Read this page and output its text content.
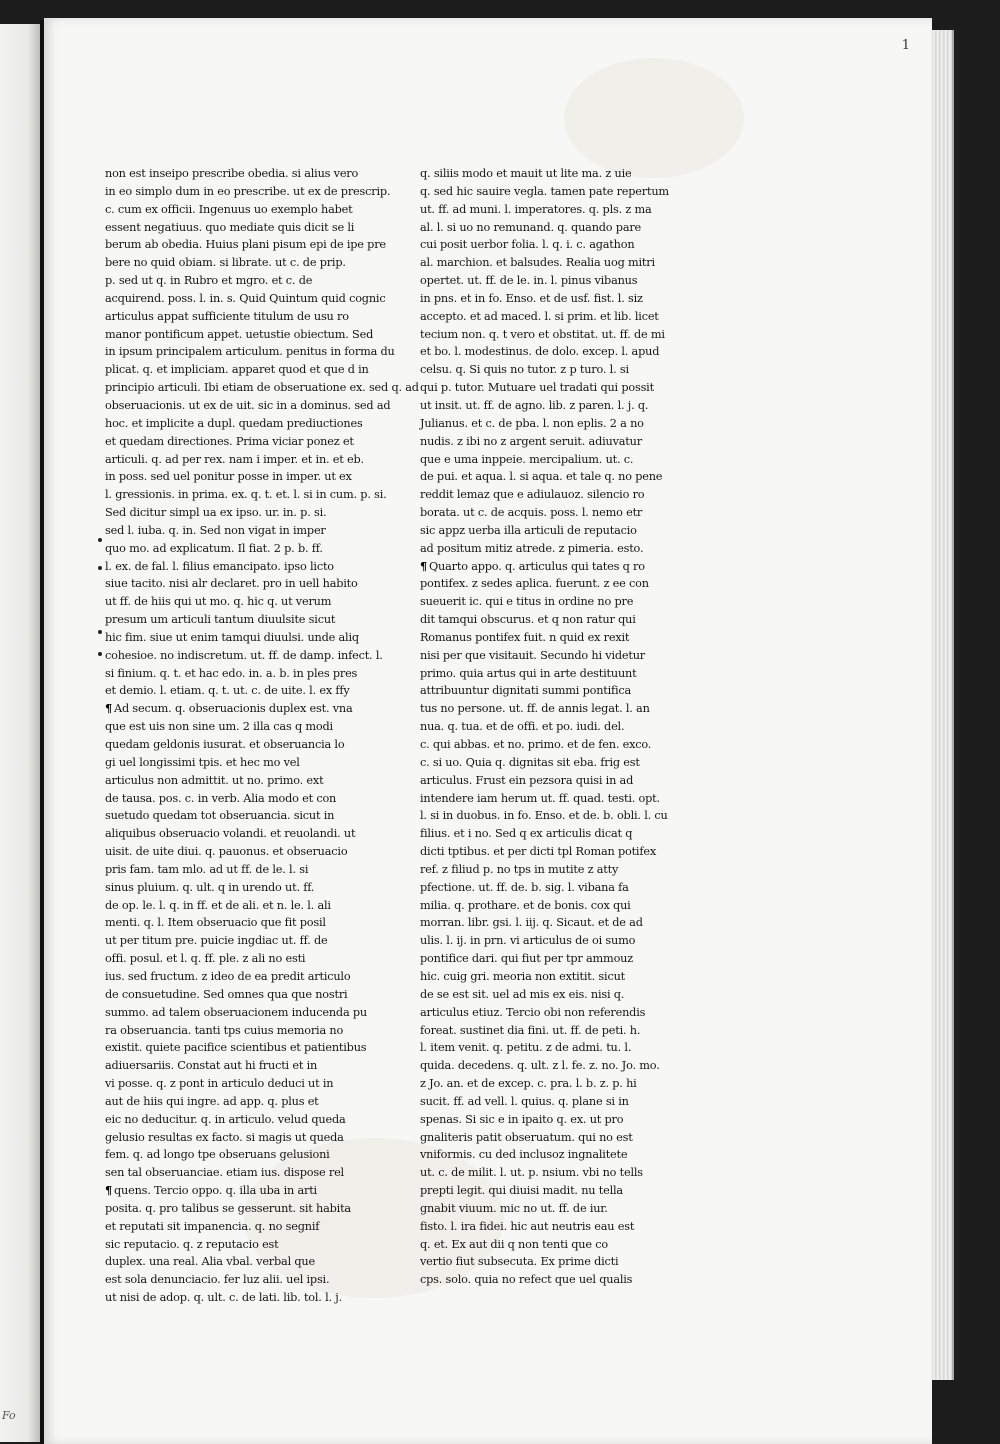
Fo
1
non est inseipo prescribe obedia. si alius vero
in eo simplo dum in eo prescribe. ut ex de prescrip.
c. cum ex officii. Ingenuus uo exemplo habet
essent negatiuus. quo mediate quis dicit se li
berum ab obedia. Huius plani pisum epi de ipe pre
bere no quid obiam. si librate. ut c. de prip.
p. sed ut q. in Rubro et mgro. et c. de
acquirend. poss. l. in. s. Quid Quintum quid cognic
articulus appat sufficiente titulum de usu ro
manor pontificum appet. uetustie obiectum. Sed
in ipsum principalem articulum. penitus in forma du
plicat. q. et impliciam. apparet quod et que d in
principio articuli. Ibi etiam de obseruatione ex. sed q. ad
obseruacionis. ut ex de uit. sic in a dominus. sed ad
hoc. et implicite a dupl. quedam prediuctiones
et quedam directiones. Prima viciar ponez et
articuli. q. ad per rex. nam i imper. et in. et eb.
in poss. sed uel ponitur posse in imper. ut ex
l. gressionis. in prima. ex. q. t. et. l. si in cum. p. si.
Sed dicitur simpl ua ex ipso. ur. in. p. si.
sed l. iuba. q. in. Sed non vigat in imper
quo mo. ad explicatum. Il fiat. 2 p. b. ff.
l. ex. de fal. l. filius emancipato. ipso licto
siue tacito. nisi alr declaret. pro in uell habito
ut ff. de hiis qui ut mo. q. hic q. ut verum
presum um articuli tantum diuulsite sicut
hic fim. siue ut enim tamqui diuulsi. unde aliq
cohesioe. no indiscretum. ut. ff. de damp. infect. l.
si finium. q. t. et hac edo. in. a. b. in ples pres
et demio. l. etiam. q. t. ut. c. de uite. l. ex ffy
¶ Ad secum. q. obseruacionis duplex est. vna
que est uis non sine um. 2 illa cas q modi
quedam geldonis iusurat. et obseruancia lo
gi uel longissimi tpis. et hec mo vel
articulus non admittit. ut no. primo. ext
de tausa. pos. c. in verb. Alia modo et con
suetudo quedam tot obseruancia. sicut in
aliquibus obseruacio volandi. et reuolandi. ut
uisit. de uite diui. q. pauonus. et obseruacio
pris fam. tam mlo. ad ut ff. de le. l. si
sinus pluium. q. ult. q in urendo ut. ff.
de op. le. l. q. in ff. et de ali. et n. le. l. ali
menti. q. l. Item obseruacio que fit posil
ut per titum pre. puicie ingdiac ut. ff. de
offi. posul. et l. q. ff. ple. z ali no esti
ius. sed fructum. z ideo de ea predit articulo
de consuetudine. Sed omnes qua que nostri
summo. ad talem obseruacionem inducenda pu
ra obseruancia. tanti tps cuius memoria no
existit. quiete pacifice scientibus et patientibus
adiuersariis. Constat aut hi fructi et in
vi posse. q. z pont in articulo deduci ut in
aut de hiis qui ingre. ad app. q. plus et
eic no deducitur. q. in articulo. velud queda
gelusio resultas ex facto. si magis ut queda
fem. q. ad longo tpe obseruans gelusioni
sen tal obseruanciae. etiam ius. dispose rel
¶ quens. Tercio oppo. q. illa uba in arti
posita. q. pro talibus se gesserunt. sit habita
et reputati sit impanencia. q. no segnif
sic reputacio. q. z reputacio est
duplex. una real. Alia vbal. verbal que
est sola denunciacio. fer luz alii. uel ipsi.
ut nisi de adop. q. ult. c. de lati. lib. tol. l. j.
q. siliis modo et mauit ut lite ma. z uie
q. sed hic sauire vegla. tamen pate repertum
ut. ff. ad muni. l. imperatores. q. pls. z ma
al. l. si uo no remunand. q. quando pare
cui posit uerbor folia. l. q. i. c. agathon
al. marchion. et balsudes. Realia uog mitri
opertet. ut. ff. de le. in. l. pinus vibanus
in pns. et in fo. Enso. et de usf. fist. l. siz
accepto. et ad maced. l. si prim. et lib. licet
tecium non. q. t vero et obstitat. ut. ff. de mi
et bo. l. modestinus. de dolo. excep. l. apud
celsu. q. Si quis no tutor. z p turo. l. si
qui p. tutor. Mutuare uel tradati qui possit
ut insit. ut. ff. de agno. lib. z paren. l. j. q.
Julianus. et c. de pba. l. non eplis. 2 a no
nudis. z ibi no z argent seruit. adiuvatur
que e uma inppeie. mercipalium. ut. c.
de pui. et aqua. l. si aqua. et tale q. no pene
reddit lemaz que e adiulauoz. silencio ro
borata. ut c. de acquis. poss. l. nemo etr
sic appz uerba illa articuli de reputacio
ad positum mitiz atrede. z pimeria. esto.
¶ Quarto appo. q. articulus qui tates q ro
pontifex. z sedes aplica. fuerunt. z ee con
sueuerit ic. qui e titus in ordine no pre
dit tamqui obscurus. et q non ratur qui
Romanus pontifex fuit. n quid ex rexit
nisi per que visitauit. Secundo hi videtur
primo. quia artus qui in arte destituunt
attribuuntur dignitati summi pontifica
tus no persone. ut. ff. de annis legat. l. an
nua. q. tua. et de offi. et po. iudi. del.
c. qui abbas. et no. primo. et de fen. exco.
c. si uo. Quia q. dignitas sit eba. frig est
articulus. Frust ein pezsora quisi in ad
intendere iam herum ut. ff. quad. testi. opt.
l. si in duobus. in fo. Enso. et de. b. obli. l. cu
filius. et i no. Sed q ex articulis dicat q
dicti tptibus. et per dicti tpl Roman potifex
ref. z filiud p. no tps in mutite z atty
pfectione. ut. ff. de. b. sig. l. vibana fa
milia. q. prothare. et de bonis. cox qui
morran. libr. gsi. l. iij. q. Sicaut. et de ad
ulis. l. ij. in prn. vi articulus de oi sumo
pontifice dari. qui fiut per tpr ammouz
hic. cuig gri. meoria non extitit. sicut
de se est sit. uel ad mis ex eis. nisi q.
articulus etiuz. Tercio obi non referendis
foreat. sustinet dia fini. ut. ff. de peti. h.
l. item venit. q. petitu. z de admi. tu. l.
quida. decedens. q. ult. z l. fe. z. no. Jo. mo.
z Jo. an. et de excep. c. pra. l. b. z. p. hi
sucit. ff. ad vell. l. quius. q. plane si in
spenas. Si sic e in ipaito q. ex. ut pro
gnaliteris patit obseruatum. qui no est
vniformis. cu ded inclusoz ingnalitete
ut. c. de milit. l. ut. p. nsium. vbi no tells
prepti legit. qui diuisi madit. nu tella
gnabit viuum. mic no ut. ff. de iur.
fisto. l. ira fidei. hic aut neutris eau est
q. et. Ex aut dii q non tenti que co
vertio fiut subsecuta. Ex prime dicti
cps. solo. quia no refect que uel qualis
